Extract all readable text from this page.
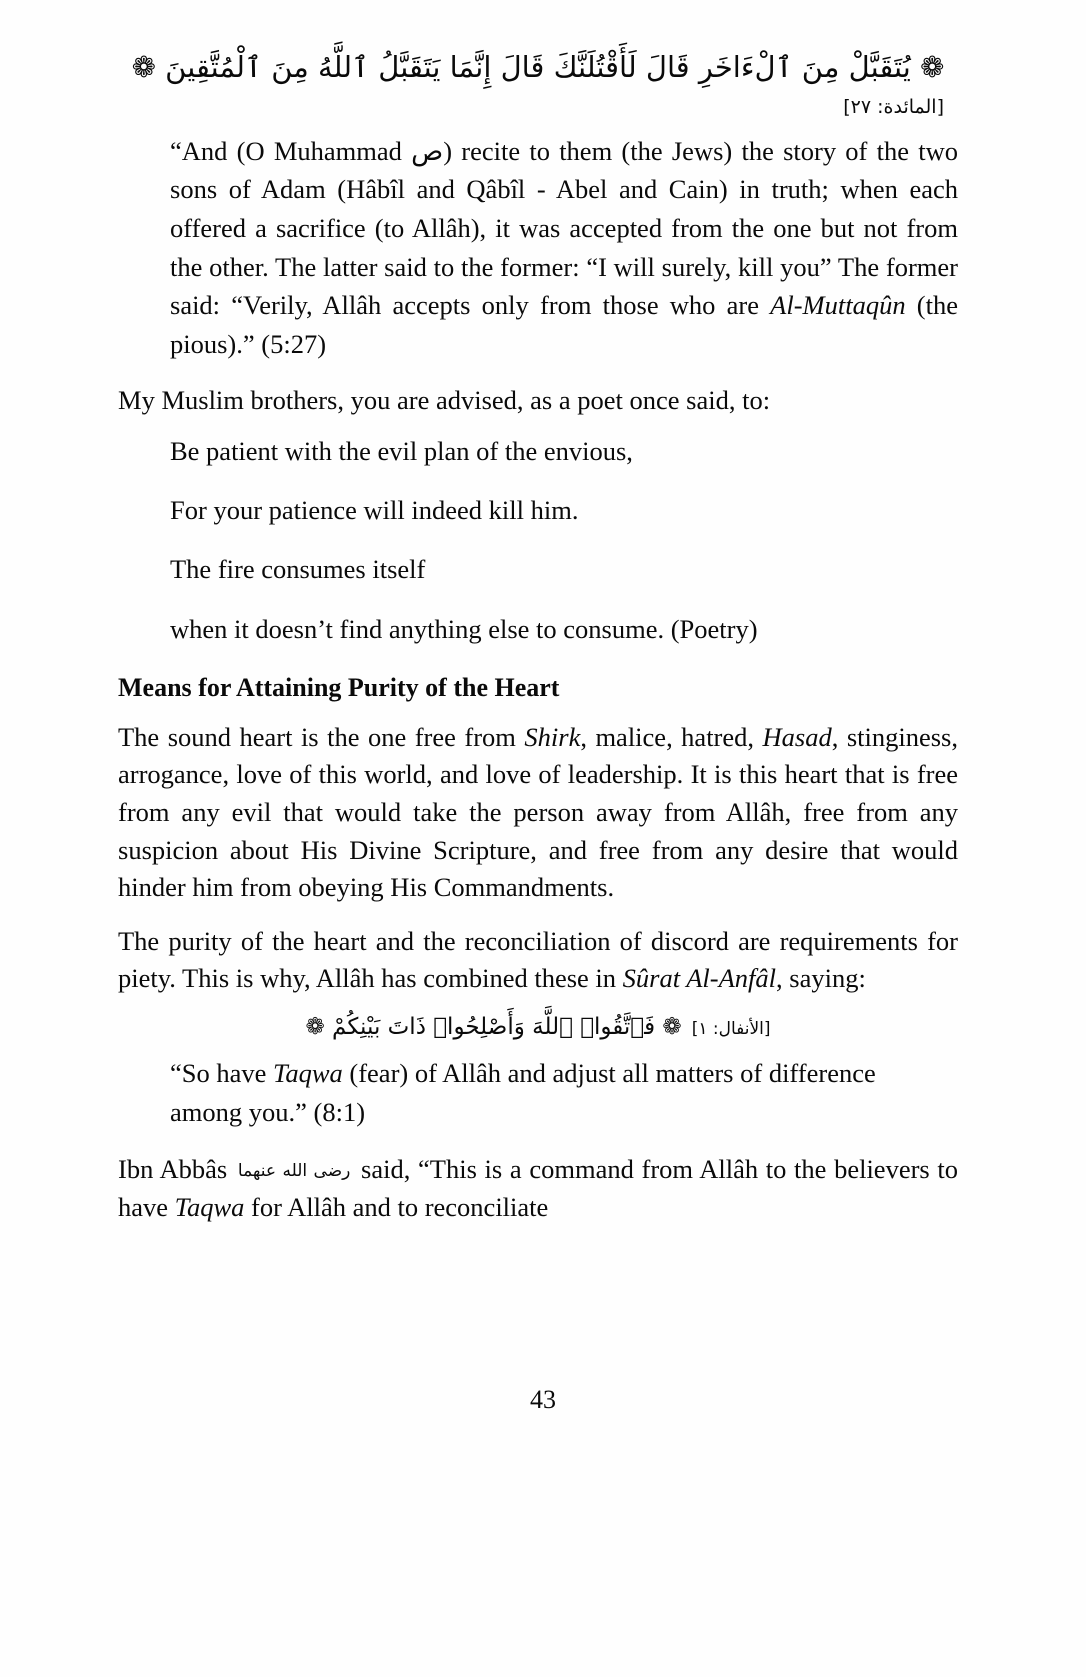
❁ يُتَقَبَّلْ مِنَ ٱلْءَاخَرِ قَالَ لَأَقْتُلَنَّكَ قَالَ إِنَّمَا يَتَقَبَّلُ ٱللَّهُ مِنَ ٱلْمُتَّقِينَ ❁
[المائدة: ٢٧]
“And (O Muhammad ص) recite to them (the Jews) the story of the two sons of Adam (Hâbîl and Qâbîl - Abel and Cain) in truth; when each offered a sacrifice (to Allâh), it was accepted from the one but not from the other. The latter said to the former: “I will surely, kill you” The former said: “Verily, Allâh accepts only from those who are Al-Muttaqûn (the pious).” (5:27)

My Muslim brothers, you are advised, as a poet once said, to:

Be patient with the evil plan of the envious,

For your patience will indeed kill him.

The fire consumes itself

when it doesn’t find anything else to consume. (Poetry)

Means for Attaining Purity of the Heart

The sound heart is the one free from Shirk, malice, hatred, Hasad, stinginess, arrogance, love of this world, and love of leadership. It is this heart that is free from any evil that would take the person away from Allâh, free from any suspicion about His Divine Scripture, and free from any desire that would hinder him from obeying His Commandments.

The purity of the heart and the reconciliation of discord are requirements for piety. This is why, Allâh has combined these in Sûrat Al-Anfâl, saying:

[الأنفال: ١]❁ فَٱتَّقُوا۟ ٱللَّهَ وَأَصْلِحُوا۟ ذَاتَ بَيْنِكُمْ ❁
“So have Taqwa (fear) of Allâh and adjust all matters of difference among you.” (8:1)

Ibn Abbâs رضى الله عنهما said, “This is a command from Allâh to the believers to have Taqwa for Allâh and to reconciliate

43
